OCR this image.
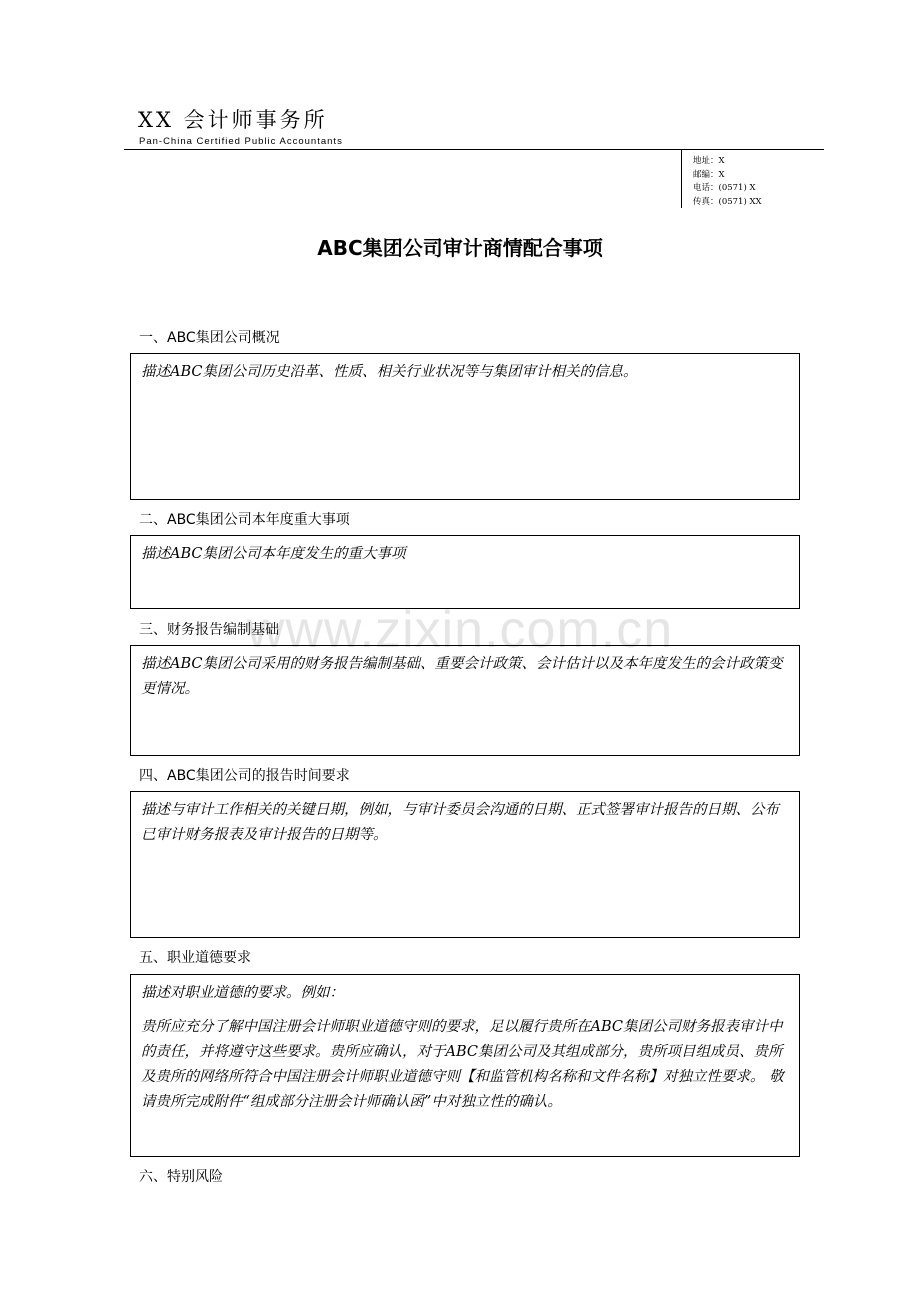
XX 会计师事务所
Pan-China Certified Public Accountants
地址：X
邮编：X
电话：(0571) X
传真：(0571) XX
ABC集团公司审计商情配合事项
www.zixin.com.cn
一、ABC集团公司概况

描述ABC集团公司历史沿革、性质、相关行业状况等与集团审计相关的信息。

二、ABC集团公司本年度重大事项

描述ABC集团公司本年度发生的重大事项

三、财务报告编制基础

描述ABC集团公司采用的财务报告编制基础、重要会计政策、会计估计以及本年度发生的会计政策变更情况。

四、ABC集团公司的报告时间要求

描述与审计工作相关的关键日期，例如，与审计委员会沟通的日期、正式签署审计报告的日期、公布已审计财务报表及审计报告的日期等。

五、职业道德要求

描述对职业道德的要求。例如：

贵所应充分了解中国注册会计师职业道德守则的要求，足以履行贵所在ABC集团公司财务报表审计中的责任，并将遵守这些要求。贵所应确认，对于ABC集团公司及其组成部分，贵所项目组成员、贵所及贵所的网络所符合中国注册会计师职业道德守则【和监管机构名称和文件名称】对独立性要求。 敬请贵所完成附件“组成部分注册会计师确认函”中对独立性的确认。

六、特别风险
